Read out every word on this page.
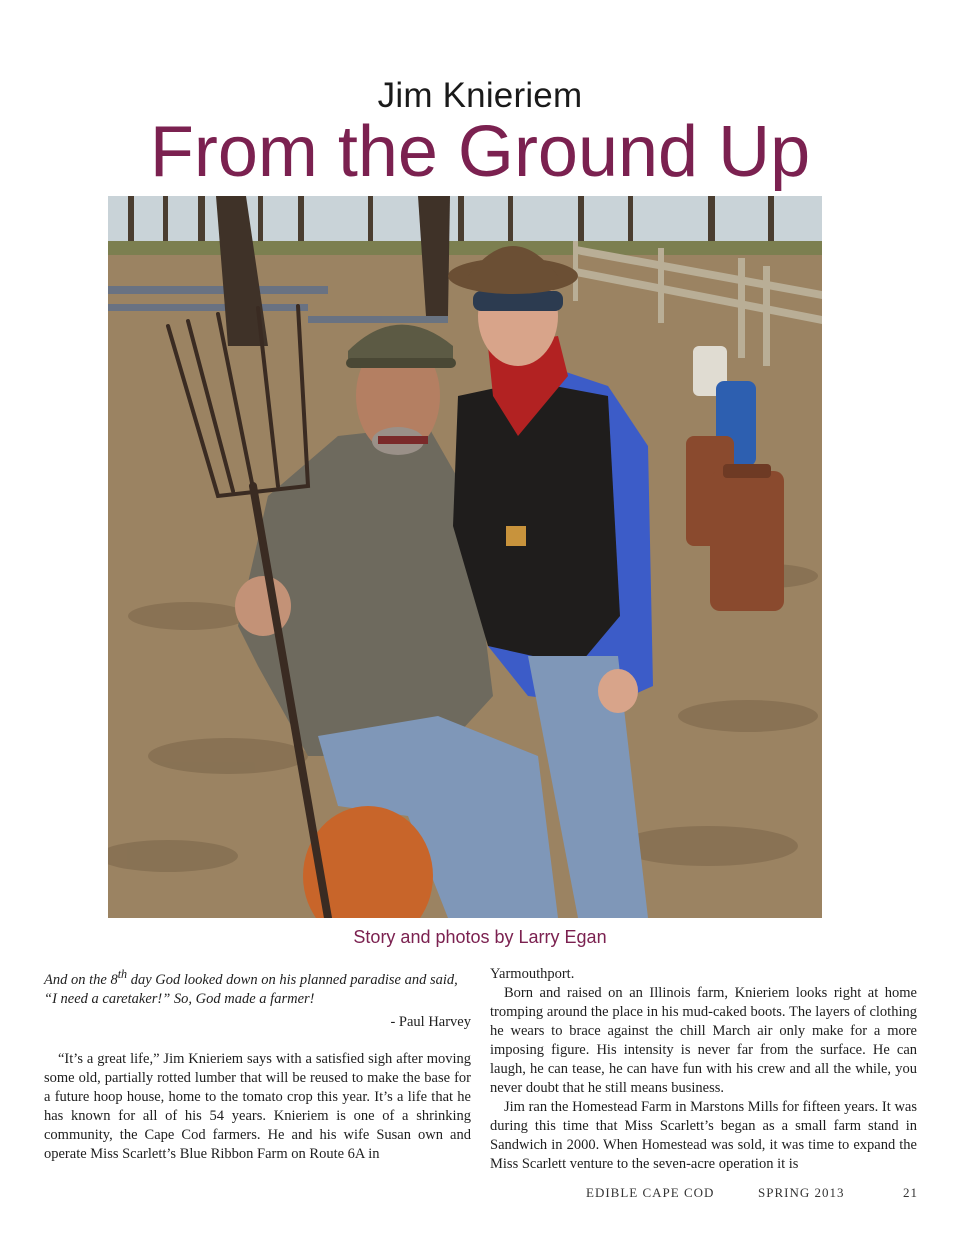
Jim Knieriem
From the Ground Up
Story and photos by Larry Egan

And on the 8th day God looked down on his planned paradise and said, “I need a caretaker!” So, God made a farmer!

- Paul Harvey

“It’s a great life,” Jim Knieriem says with a satisfied sigh after moving some old, partially rotted lumber that will be reused to make the base for a future hoop house, home to the tomato crop this year. It’s a life that he has known for all of his 54 years. Knieriem is one of a shrinking community, the Cape Cod farmers. He and his wife Susan own and operate Miss Scarlett’s Blue Ribbon Farm on Route 6A in

Yarmouthport.

Born and raised on an Illinois farm, Knieriem looks right at home tromping around the place in his mud-caked boots. The layers of clothing he wears to brace against the chill March air only make for a more imposing figure. His intensity is never far from the surface. He can laugh, he can tease, he can have fun with his crew and all the while, you never doubt that he still means business.

Jim ran the Homestead Farm in Marstons Mills for fifteen years. It was during this time that Miss Scarlett’s began as a small farm stand in Sandwich in 2000. When Homestead was sold, it was time to expand the Miss Scarlett venture to the seven-acre operation it is

EDIBLE CAPE COD	SPRING 2013	21
